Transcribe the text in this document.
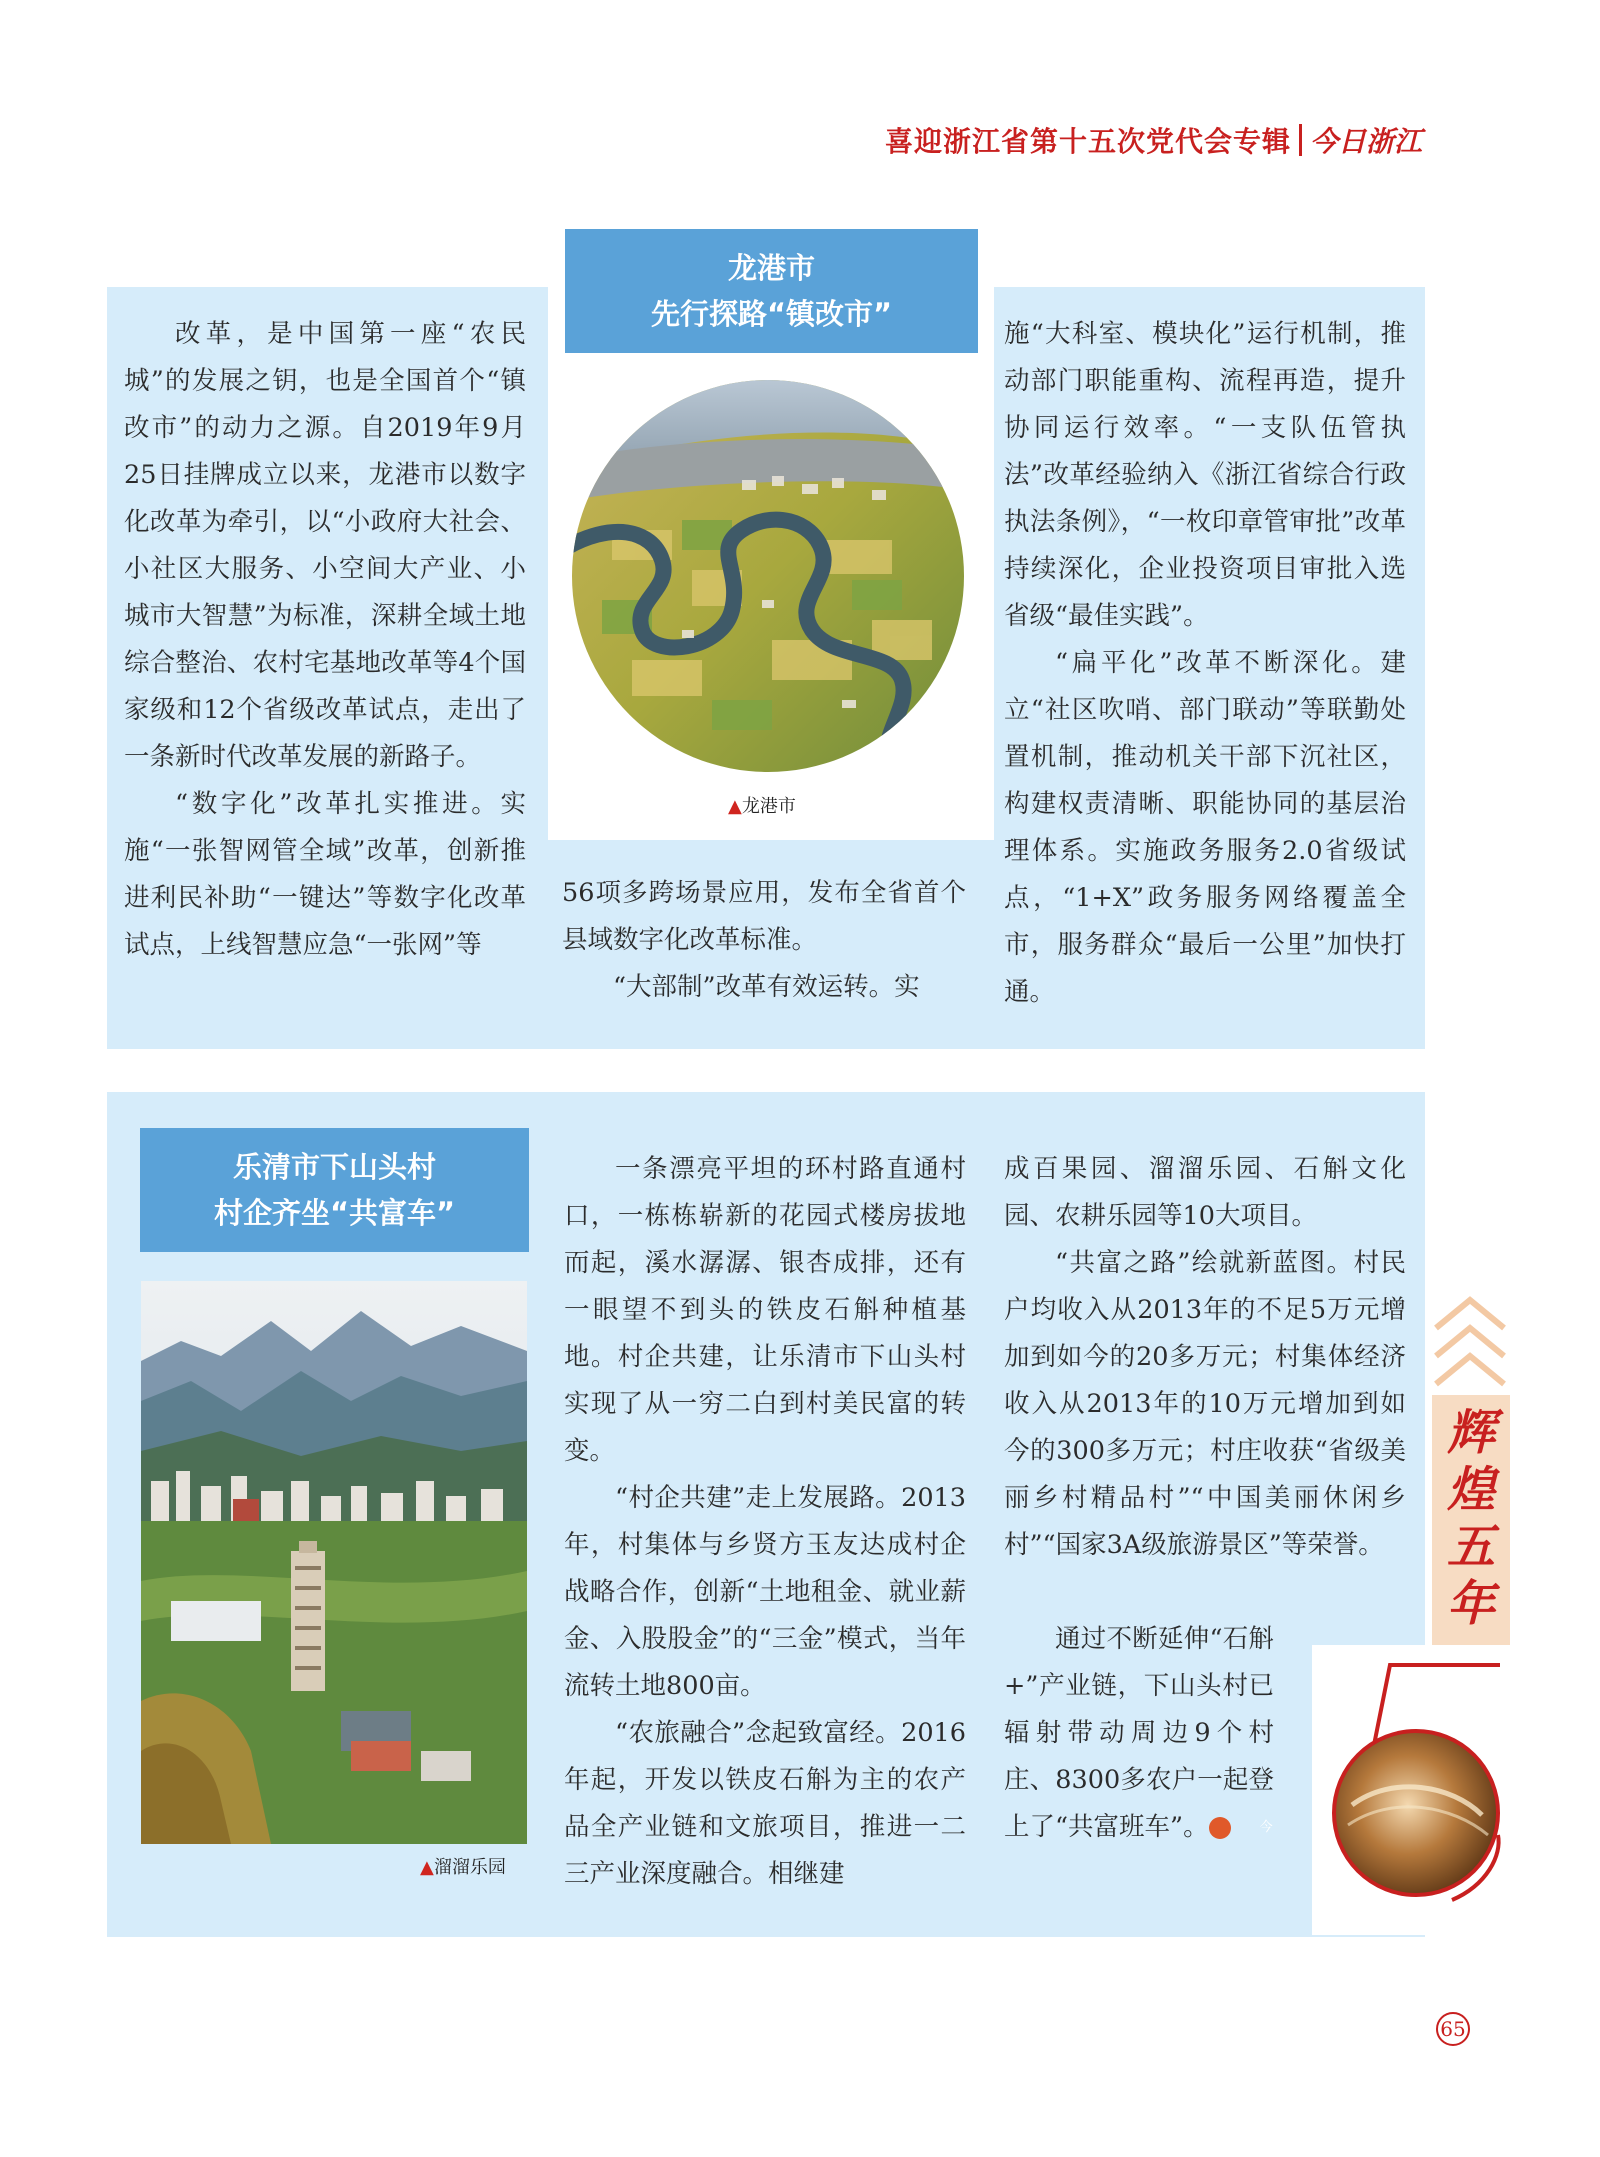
喜迎浙江省第十五次党代会专辑 今日浙江
龙港市
先行探路“镇改市”
▲龙港市

改革，是中国第一座“农民城”的发展之钥，也是全国首个“镇改市”的动力之源。自2019年9月25日挂牌成立以来，龙港市以数字化改革为牵引，以“小政府大社会、小社区大服务、小空间大产业、小城市大智慧”为标准，深耕全域土地综合整治、农村宅基地改革等4个国家级和12个省级改革试点，走出了一条新时代改革发展的新路子。

“数字化”改革扎实推进。实施“一张智网管全域”改革，创新推进利民补助“一键达”等数字化改革试点，上线智慧应急“一张网”等

56项多跨场景应用，发布全省首个县域数字化改革标准。

“大部制”改革有效运转。实

施“大科室、模块化”运行机制，推动部门职能重构、流程再造，提升协同运行效率。“一支队伍管执法”改革经验纳入《浙江省综合行政执法条例》，“一枚印章管审批”改革持续深化，企业投资项目审批入选省级“最佳实践”。

“扁平化”改革不断深化。建立“社区吹哨、部门联动”等联勤处置机制，推动机关干部下沉社区，构建权责清晰、职能协同的基层治理体系。实施政务服务2.0省级试点，“1+X”政务服务网络覆盖全市，服务群众“最后一公里”加快打通。

乐清市下山头村
村企齐坐“共富车”
▲溜溜乐园

一条漂亮平坦的环村路直通村口，一栋栋崭新的花园式楼房拔地而起，溪水潺潺、银杏成排，还有一眼望不到头的铁皮石斛种植基地。村企共建，让乐清市下山头村实现了从一穷二白到村美民富的转变。

“村企共建”走上发展路。2013年，村集体与乡贤方玉友达成村企战略合作，创新“土地租金、就业薪金、入股股金”的“三金”模式，当年流转土地800亩。

“农旅融合”念起致富经。2016年起，开发以铁皮石斛为主的农产品全产业链和文旅项目，推进一二三产业深度融合。相继建

成百果园、溜溜乐园、石斛文化园、农耕乐园等10大项目。

“共富之路”绘就新蓝图。村民户均收入从2013年的不足5万元增加到如今的20多万元；村集体经济收入从2013年的10万元增加到如今的300多万元；村庄收获“省级美丽乡村精品村”“中国美丽休闲乡村”“国家3A级旅游景区”等荣誉。

通过不断延伸“石斛+”产业链，下山头村已辐射带动周边9个村庄、8300多农户一起登上了“共富班车”。	今

辉
煌
五
年
65
